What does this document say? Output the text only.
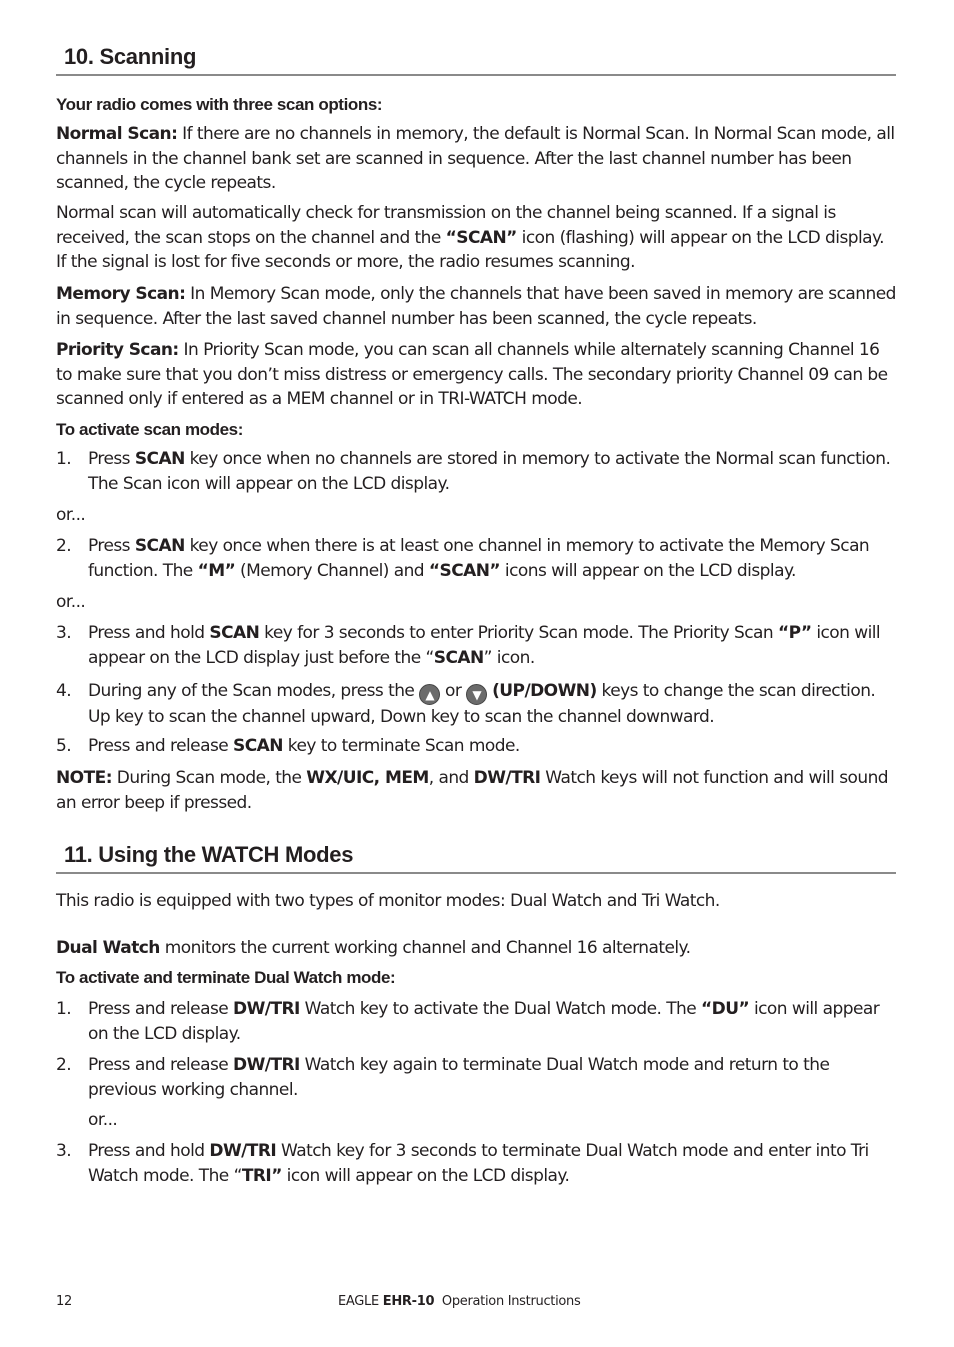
10. Scanning
Your radio comes with three scan options:

Normal Scan: If there are no channels in memory, the default is Normal Scan. In Normal Scan mode, all channels in the channel bank set are scanned in sequence. After the last channel number has been scanned, the cycle repeats.

Normal scan will automatically check for transmission on the channel being scanned. If a signal is received, the scan stops on the channel and the “SCAN” icon (flashing) will appear on the LCD display. If the signal is lost for five seconds or more, the radio resumes scanning.

Memory Scan: In Memory Scan mode, only the channels that have been saved in memory are scanned in sequence. After the last saved channel number has been scanned, the cycle repeats.

Priority Scan: In Priority Scan mode, you can scan all channels while alternately scanning Channel 16 to make sure that you don’t miss distress or emergency calls. The secondary priority Channel 09 can be scanned only if entered as a MEM channel or in TRI-WATCH mode.

To activate scan modes:
1. Press SCAN key once when no channels are stored in memory to activate the Normal scan function. The Scan icon will appear on the LCD display.

or...

2. Press SCAN key once when there is at least one channel in memory to activate the Memory Scan function. The “M” (Memory Channel) and “SCAN” icons will appear on the LCD display.

or...

3. Press and hold SCAN key for 3 seconds to enter Priority Scan mode. The Priority Scan “P” icon will appear on the LCD display just before the “SCAN” icon.
4. During any of the Scan modes, press the ▲ or ▼ (UP/DOWN) keys to change the scan direction. Up key to scan the channel upward, Down key to scan the channel downward.
5. Press and release SCAN key to terminate Scan mode.

NOTE: During Scan mode, the WX/UIC, MEM, and DW/TRI Watch keys will not function and will sound an error beep if pressed.

11. Using the WATCH Modes

This radio is equipped with two types of monitor modes: Dual Watch and Tri Watch.

Dual Watch monitors the current working channel and Channel 16 alternately.

To activate and terminate Dual Watch mode:
1. Press and release DW/TRI Watch key to activate the Dual Watch mode. The “DU” icon will appear on the LCD display.
2. Press and release DW/TRI Watch key again to terminate Dual Watch mode and return to the previous working channel.

or...

3. Press and hold DW/TRI Watch key for 3 seconds to terminate Dual Watch mode and enter into Tri Watch mode. The “TRI” icon will appear on the LCD display.
12	EAGLE EHR-10  Operation Instructions
